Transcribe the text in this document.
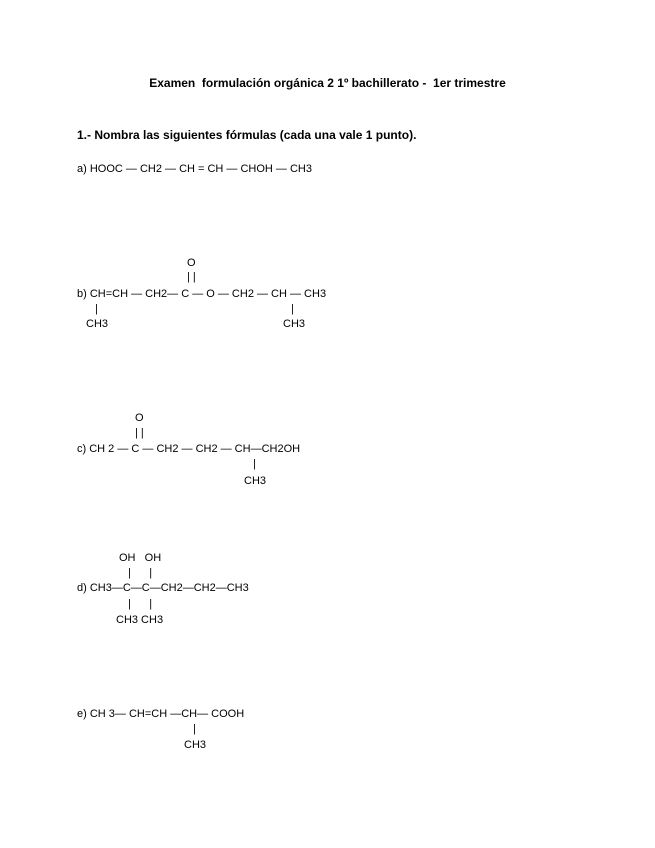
Examen  formulación orgánica 2 1º bachillerato -  1er trimestre
1.- Nombra las siguientes fórmulas (cada una vale 1 punto).
a) HOOC — CH2 — CH = CH — CHOH — CH3
O
| |
b) CH=CH — CH2— C — O — CH2 — CH — CH3
|	|
CH3	CH3
O
| |
c) CH 2 — C — CH2 — CH2 — CH—CH2OH
|
CH3
OH   OH
|      |
d) CH3—C—C—CH2—CH2—CH3
|      |
CH3 CH3
e) CH 3— CH=CH —CH— COOH
|
CH3
